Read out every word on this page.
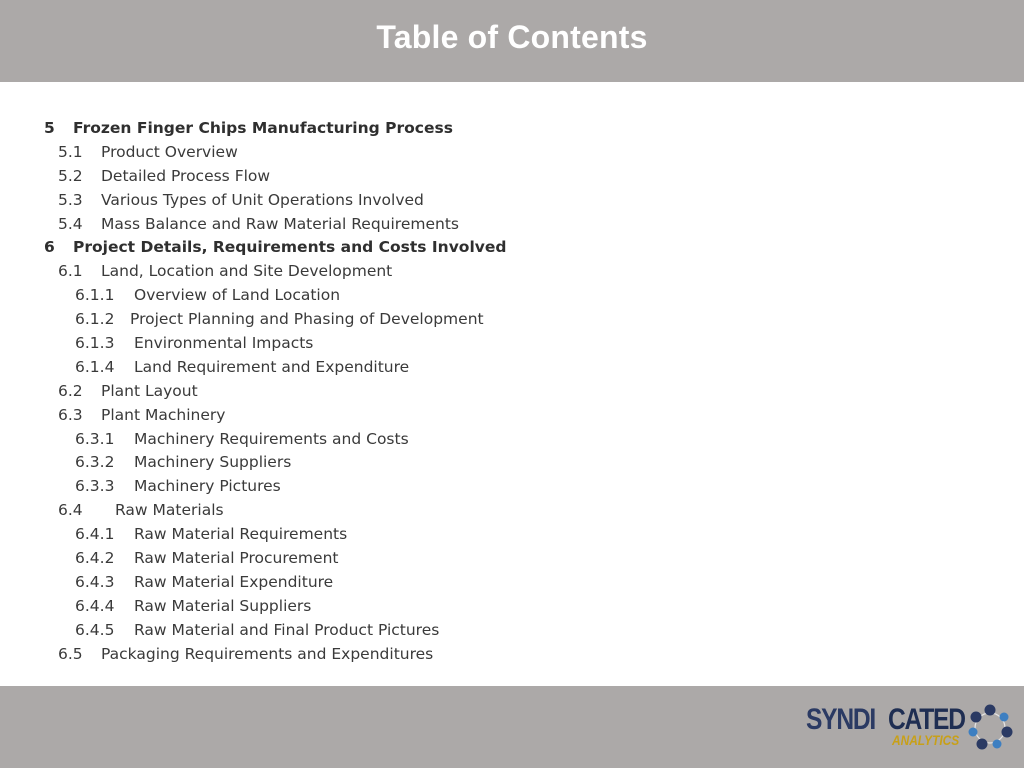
Table of Contents
5 Frozen Finger Chips Manufacturing Process
5.1 Product Overview
5.2 Detailed Process Flow
5.3 Various Types of Unit Operations Involved
5.4 Mass Balance and Raw Material Requirements
6 Project Details, Requirements and Costs Involved
6.1 Land, Location and Site Development
6.1.1 Overview of Land Location
6.1.2 Project Planning and Phasing of Development
6.1.3 Environmental Impacts
6.1.4 Land Requirement and Expenditure
6.2 Plant Layout
6.3 Plant Machinery
6.3.1 Machinery Requirements and Costs
6.3.2 Machinery Suppliers
6.3.3 Machinery Pictures
6.4 Raw Materials
6.4.1 Raw Material Requirements
6.4.2 Raw Material Procurement
6.4.3 Raw Material Expenditure
6.4.4 Raw Material Suppliers
6.4.5 Raw Material and Final Product Pictures
6.5 Packaging Requirements and Expenditures
SYNDI CATED
ANALYTICS
